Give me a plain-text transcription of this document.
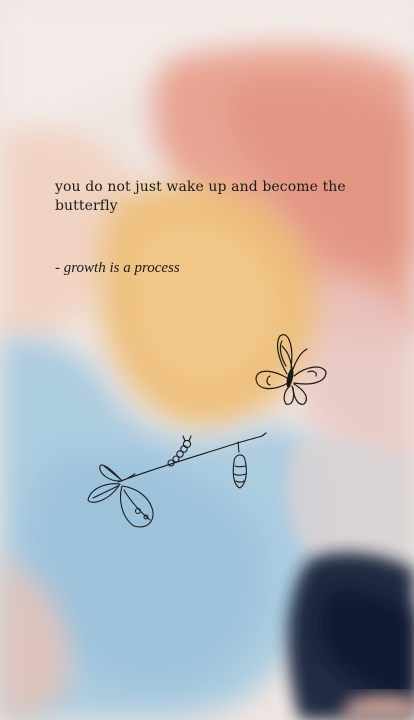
you do not just wake up and become the
butterfly
- growth is a process
